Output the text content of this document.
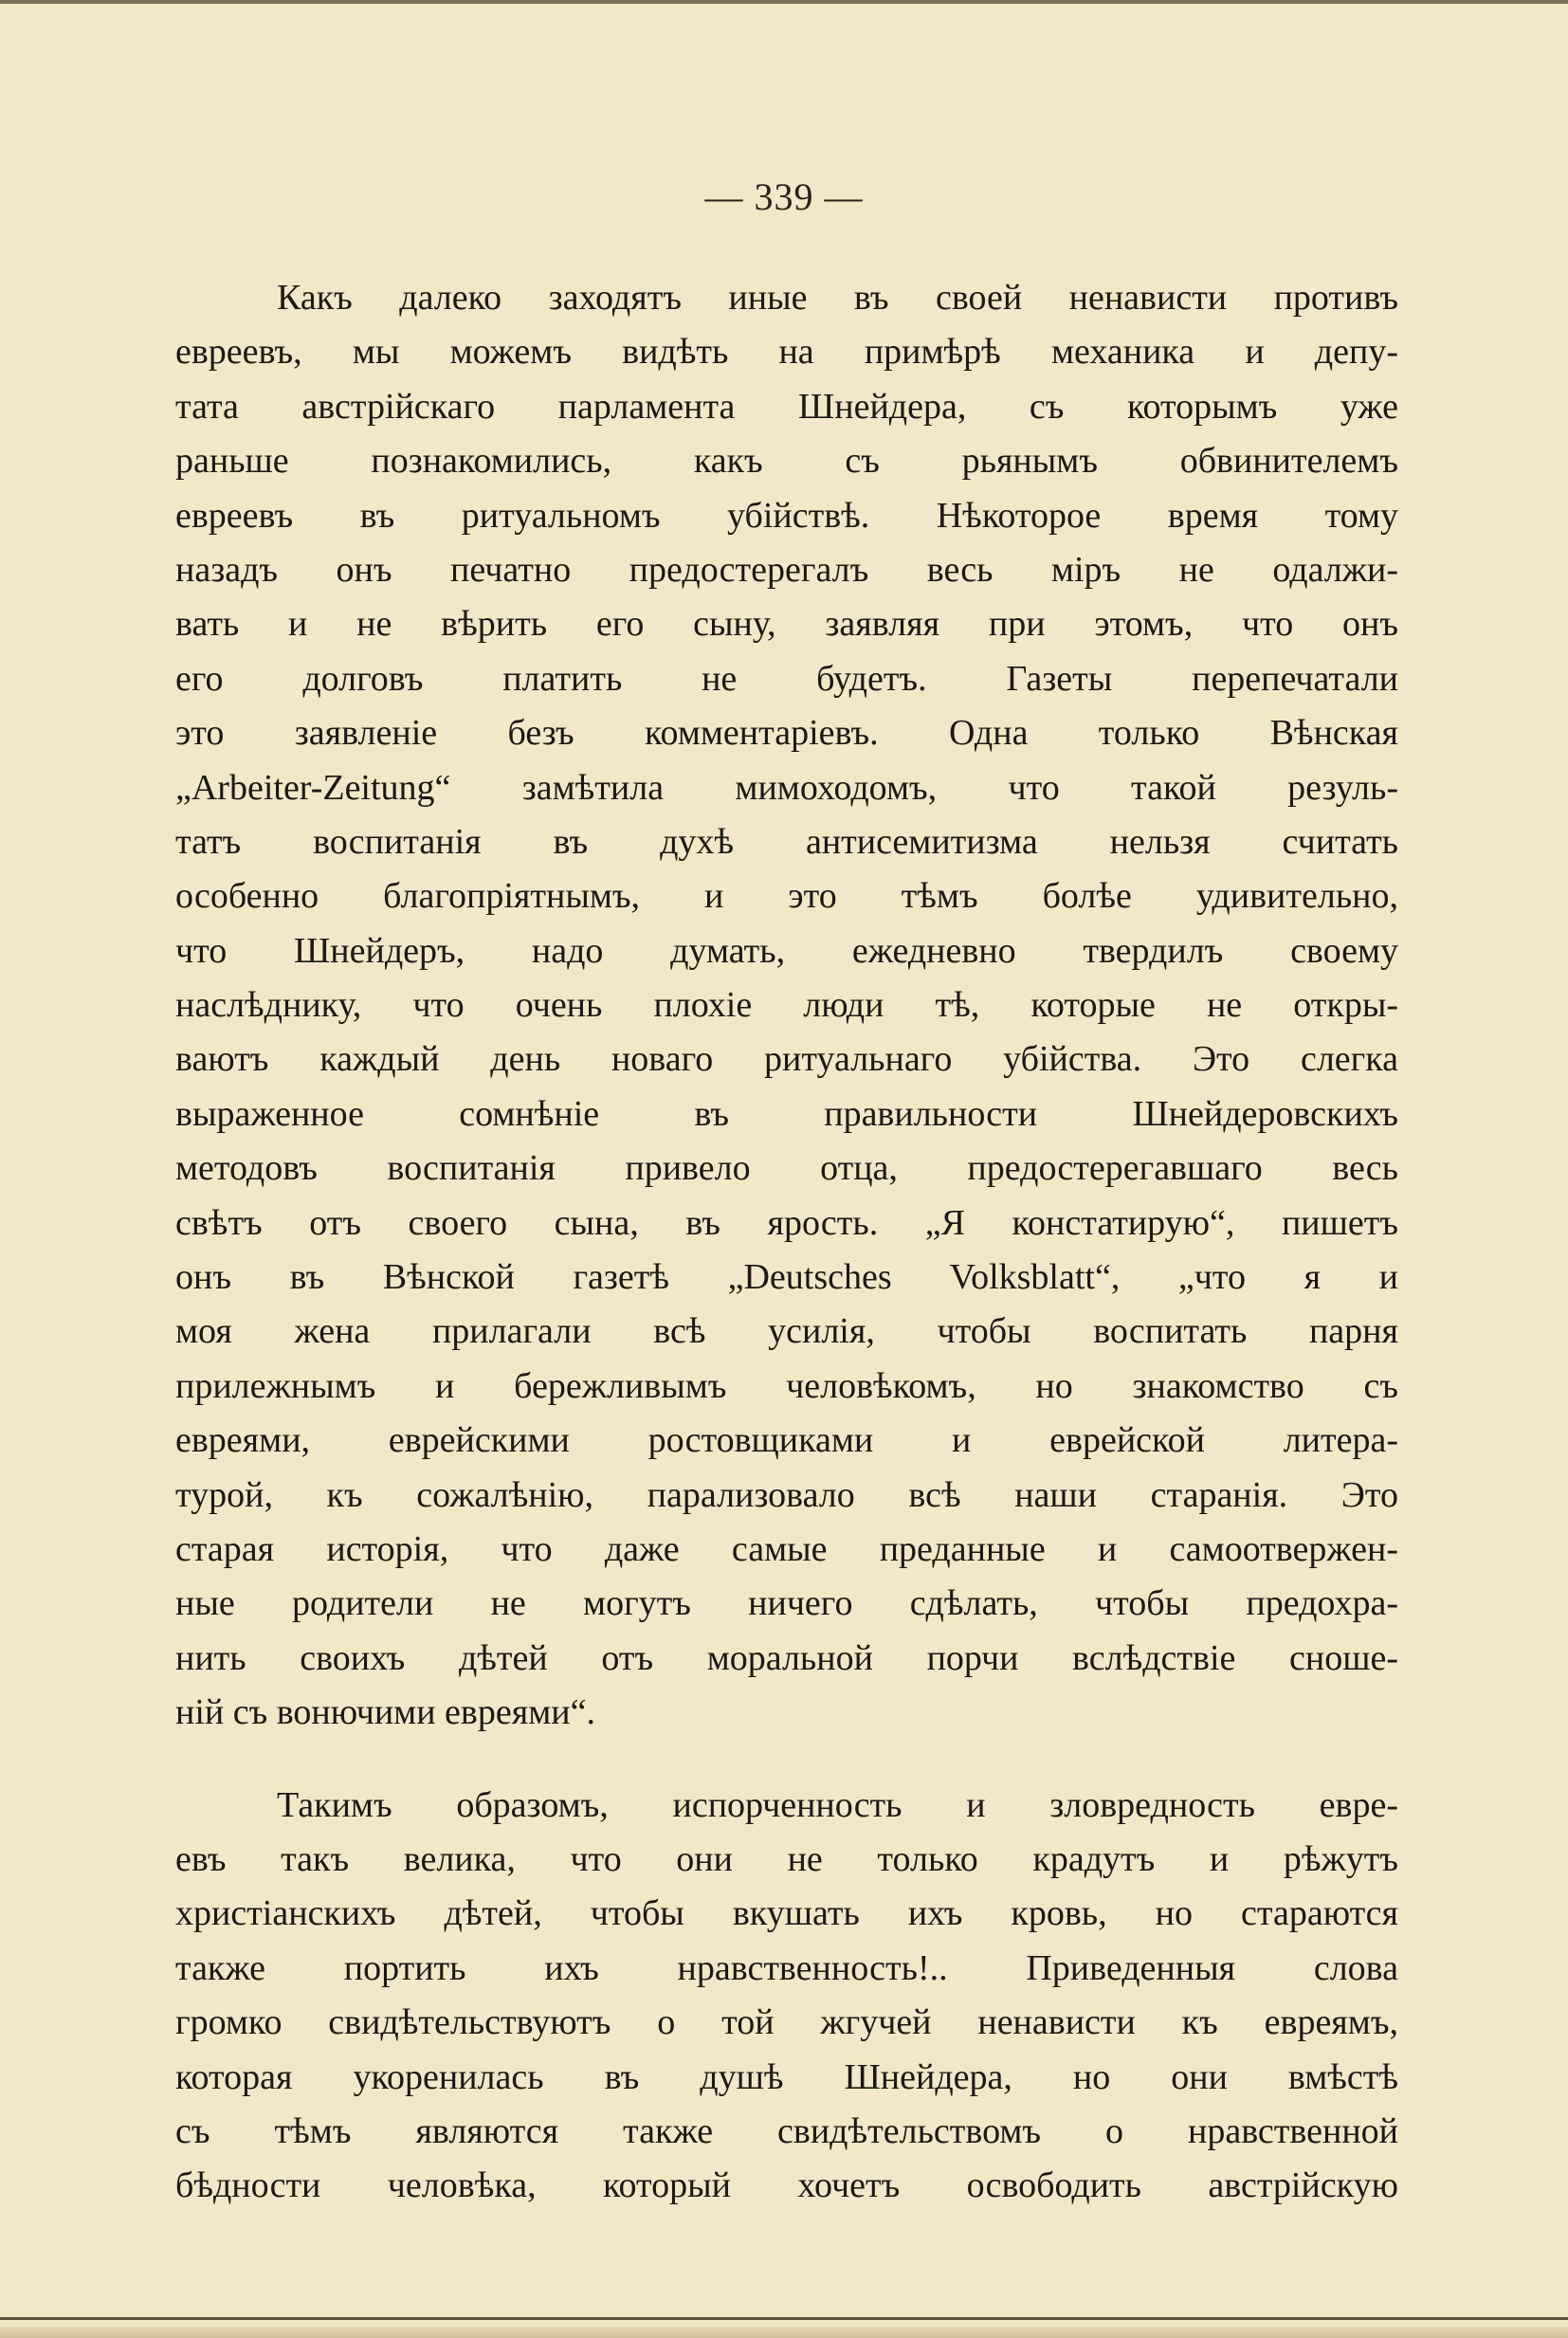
— 339 —
Какъ далеко заходятъ иные въ своей ненависти противъ
евреевъ, мы можемъ видѣть на примѣрѣ механика и депу-
тата австрійскаго парламента Шнейдера, съ которымъ уже
раньше познакомились, какъ съ рьянымъ обвинителемъ
евреевъ въ ритуальномъ убійствѣ. Нѣкоторое время тому
назадъ онъ печатно предостерегалъ весь міръ не одалжи-
вать и не вѣрить его сыну, заявляя при этомъ, что онъ
его долговъ платить не будетъ. Газеты перепечатали
это заявленіе безъ комментаріевъ. Одна только Вѣнская
„Arbeiter-Zeitung“ замѣтила мимоходомъ, что такой резуль-
татъ воспитанія въ духѣ антисемитизма нельзя считать
особенно благопріятнымъ, и это тѣмъ болѣе удивительно,
что Шнейдеръ, надо думать, ежедневно твердилъ своему
наслѣднику, что очень плохіе люди тѣ, которые не откры-
ваютъ каждый день новаго ритуальнаго убійства. Это слегка
выраженное сомнѣніе въ правильности Шнейдеровскихъ
методовъ воспитанія привело отца, предостерегавшаго весь
свѣтъ отъ своего сына, въ ярость. „Я констатирую“, пишетъ
онъ въ Вѣнской газетѣ „Deutsches Volksblatt“, „что я и
моя жена прилагали всѣ усилія, чтобы воспитать парня
прилежнымъ и бережливымъ человѣкомъ, но знакомство съ
евреями, еврейскими ростовщиками и еврейской литера-
турой, къ сожалѣнію, парализовало всѣ наши старанія. Это
старая исторія, что даже самые преданные и самоотвержен-
ные родители не могутъ ничего сдѣлать, чтобы предохра-
нить своихъ дѣтей отъ моральной порчи вслѣдствіе сноше-
ній съ вонючими евреями“.
Такимъ образомъ, испорченность и зловредность евре-
евъ такъ велика, что они не только крадутъ и рѣжутъ
христіанскихъ дѣтей, чтобы вкушать ихъ кровь, но стараются
также портить ихъ нравственность!.. Приведенныя слова
громко свидѣтельствуютъ о той жгучей ненависти къ евреямъ,
которая укоренилась въ душѣ Шнейдера, но они вмѣстѣ
съ тѣмъ являются также свидѣтельствомъ о нравственной
бѣдности человѣка, который хочетъ освободить австрійскую
